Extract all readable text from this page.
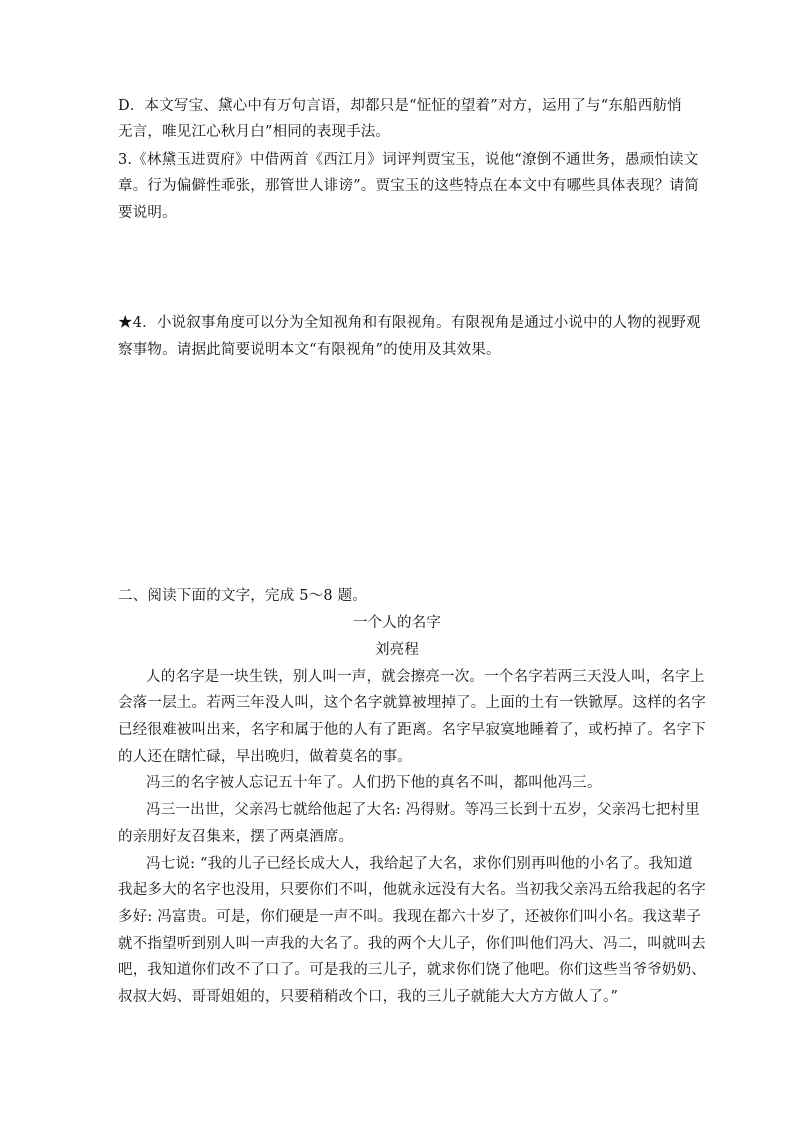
D．本文写宝、黛心中有万句言语，却都只是“怔怔的望着”对方，运用了与“东船西舫悄
无言，唯见江心秋月白”相同的表现手法。
3.《林黛玉进贾府》中借两首《西江月》词评判贾宝玉，说他“潦倒不通世务，愚顽怕读文
章。行为偏僻性乖张，那管世人诽谤”。贾宝玉的这些特点在本文中有哪些具体表现？请简
要说明。
★4．小说叙事角度可以分为全知视角和有限视角。有限视角是通过小说中的人物的视野观
察事物。请据此简要说明本文“有限视角”的使用及其效果。
二、阅读下面的文字，完成 5～8 题。
一个人的名字
刘亮程
人的名字是一块生铁，别人叫一声，就会擦亮一次。一个名字若两三天没人叫，名字上
会落一层土。若两三年没人叫，这个名字就算被埋掉了。上面的土有一铁锨厚。这样的名字
已经很难被叫出来，名字和属于他的人有了距离。名字早寂寞地睡着了，或朽掉了。名字下
的人还在瞎忙碌，早出晚归，做着莫名的事。
冯三的名字被人忘记五十年了。人们扔下他的真名不叫，都叫他冯三。
冯三一出世，父亲冯七就给他起了大名: 冯得财。等冯三长到十五岁，父亲冯七把村里
的亲朋好友召集来，摆了两桌酒席。
冯七说: “我的儿子已经长成大人，我给起了大名，求你们别再叫他的小名了。我知道
我起多大的名字也没用，只要你们不叫，他就永远没有大名。当初我父亲冯五给我起的名字
多好: 冯富贵。可是，你们硬是一声不叫。我现在都六十岁了，还被你们叫小名。我这辈子
就不指望听到别人叫一声我的大名了。我的两个大儿子，你们叫他们冯大、冯二，叫就叫去
吧，我知道你们改不了口了。可是我的三儿子，就求你们饶了他吧。你们这些当爷爷奶奶、
叔叔大妈、哥哥姐姐的，只要稍稍改个口，我的三儿子就能大大方方做人了。”
